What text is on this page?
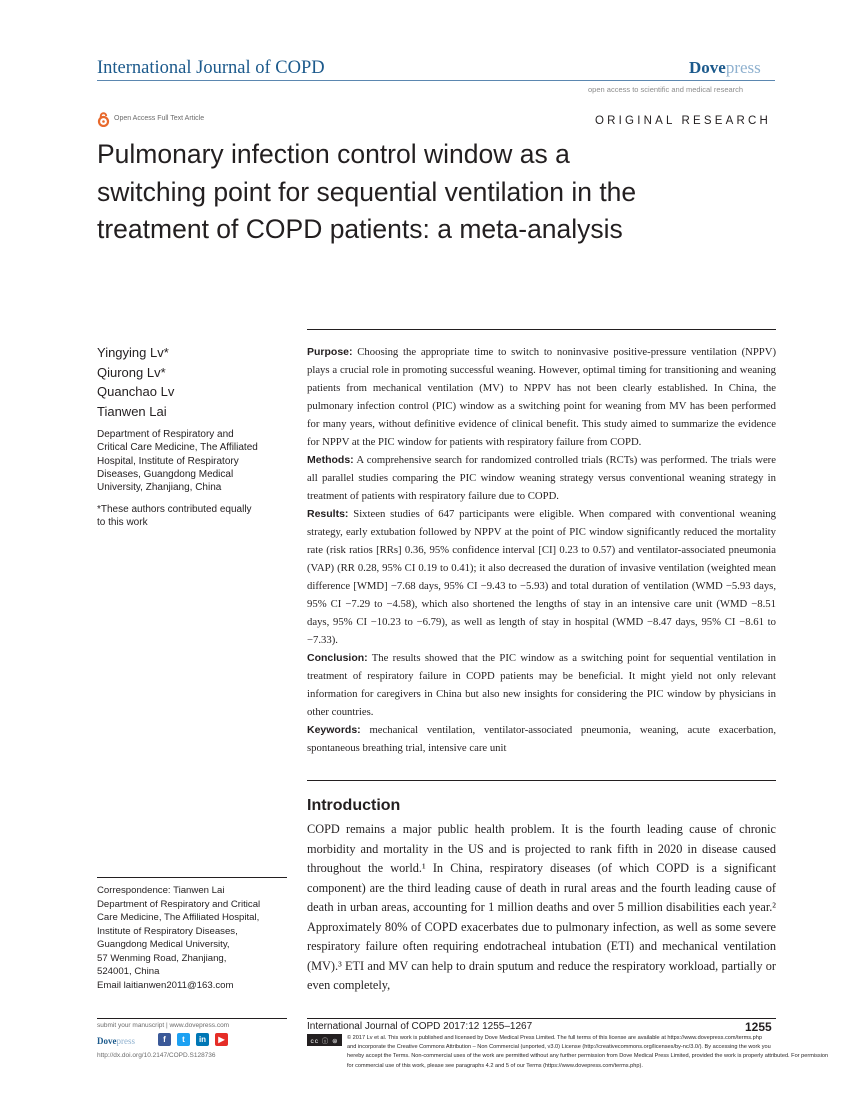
International Journal of COPD	Dovepress
open access to scientific and medical research
Open Access Full Text Article	ORIGINAL RESEARCH
Pulmonary infection control window as a
switching point for sequential ventilation in the
treatment of COPD patients: a meta-analysis
Yingying Lv*
Qiurong Lv*
Quanchao Lv
Tianwen Lai
Department of Respiratory and
Critical Care Medicine, The Affiliated
Hospital, Institute of Respiratory
Diseases, Guangdong Medical
University, Zhanjiang, China
*These authors contributed equally
to this work

Purpose: Choosing the appropriate time to switch to noninvasive positive-pressure ventilation (NPPV) plays a crucial role in promoting successful weaning. However, optimal timing for transitioning and weaning patients from mechanical ventilation (MV) to NPPV has not been clearly established. In China, the pulmonary infection control (PIC) window as a switching point for weaning from MV has been performed for many years, without definitive evidence of clinical benefit. This study aimed to summarize the evidence for NPPV at the PIC window for patients with respiratory failure from COPD.

Methods: A comprehensive search for randomized controlled trials (RCTs) was performed. The trials were all parallel studies comparing the PIC window weaning strategy versus conventional weaning strategy in treatment of patients with respiratory failure due to COPD.

Results: Sixteen studies of 647 participants were eligible. When compared with conventional weaning strategy, early extubation followed by NPPV at the point of PIC window significantly reduced the mortality rate (risk ratios [RRs] 0.36, 95% confidence interval [CI] 0.23 to 0.57) and ventilator-associated pneumonia (VAP) (RR 0.28, 95% CI 0.19 to 0.41); it also decreased the duration of invasive ventilation (weighted mean difference [WMD] −7.68 days, 95% CI −9.43 to −5.93) and total duration of ventilation (WMD −5.93 days, 95% CI −7.29 to −4.58), which also shortened the lengths of stay in an intensive care unit (WMD −8.51 days, 95% CI −10.23 to −6.79), as well as length of stay in hospital (WMD −8.47 days, 95% CI −8.61 to −7.33).

Conclusion: The results showed that the PIC window as a switching point for sequential ventilation in treatment of respiratory failure in COPD patients may be beneficial. It might yield not only relevant information for caregivers in China but also new insights for considering the PIC window by physicians in other countries.

Keywords: mechanical ventilation, ventilator-associated pneumonia, weaning, acute exacerbation, spontaneous breathing trial, intensive care unit

Introduction

COPD remains a major public health problem. It is the fourth leading cause of chronic morbidity and mortality in the US and is projected to rank fifth in 2020 in disease caused throughout the world.¹ In China, respiratory diseases (of which COPD is a significant component) are the third leading cause of death in rural areas and the fourth leading cause of death in urban areas, accounting for 1 million deaths and over 5 million disabilities each year.² Approximately 80% of COPD exacerbates due to pulmonary infection, as well as some severe respiratory failure often requiring endotracheal intubation (ETI) and mechanical ventilation (MV).³ ETI and MV can help to drain sputum and reduce the respiratory workload, partially or even completely,

Correspondence: Tianwen Lai
Department of Respiratory and Critical
Care Medicine, The Affiliated Hospital,
Institute of Respiratory Diseases,
Guangdong Medical University,
57 Wenming Road, Zhanjiang,
524001, China
Email laitianwen2011@163.com
submit your manuscript | www.dovepress.com
Dovepress	f	t	in	▶
http://dx.doi.org/10.2147/COPD.S128736
International Journal of COPD 2017:12 1255–1267	1255
cc ⓘ ⊜	© 2017 Lv et al. This work is published and licensed by Dove Medical Press Limited. The full terms of this license are available at https://www.dovepress.com/terms.php
and incorporate the Creative Commons Attribution – Non Commercial (unported, v3.0) License (http://creativecommons.org/licenses/by-nc/3.0/). By accessing the work you
hereby accept the Terms. Non-commercial uses of the work are permitted without any further permission from Dove Medical Press Limited, provided the work is properly attributed. For permission
for commercial use of this work, please see paragraphs 4.2 and 5 of our Terms (https://www.dovepress.com/terms.php).
